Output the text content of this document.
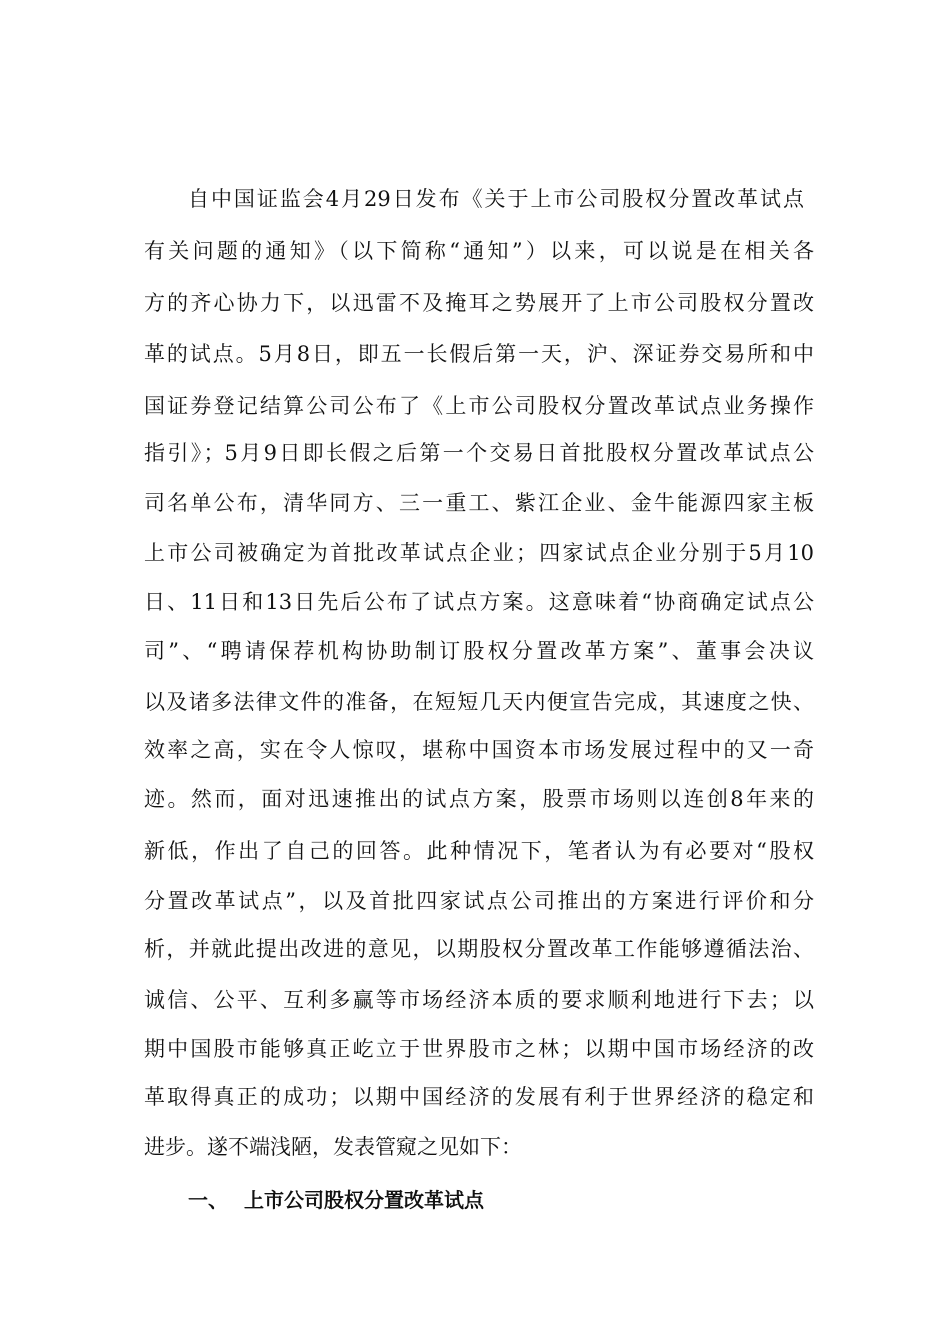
自中国证监会4月29日发布《关于上市公司股权分置改革试点

有关问题的通知》（以下简称“通知”）以来，可以说是在相关各

方的齐心协力下，以迅雷不及掩耳之势展开了上市公司股权分置改

革的试点。5月8日，即五一长假后第一天，沪、深证券交易所和中

国证券登记结算公司公布了《上市公司股权分置改革试点业务操作

指引》；5月9日即长假之后第一个交易日首批股权分置改革试点公

司名单公布，清华同方、三一重工、紫江企业、金牛能源四家主板

上市公司被确定为首批改革试点企业；四家试点企业分别于5月10

日、11日和13日先后公布了试点方案。这意味着“协商确定试点公

司”、“聘请保荐机构协助制订股权分置改革方案”、董事会决议

以及诸多法律文件的准备，在短短几天内便宣告完成，其速度之快、

效率之高，实在令人惊叹，堪称中国资本市场发展过程中的又一奇

迹。然而，面对迅速推出的试点方案，股票市场则以连创8年来的

新低，作出了自己的回答。此种情况下，笔者认为有必要对“股权

分置改革试点”，以及首批四家试点公司推出的方案进行评价和分

析，并就此提出改进的意见，以期股权分置改革工作能够遵循法治、

诚信、公平、互利多赢等市场经济本质的要求顺利地进行下去；以

期中国股市能够真正屹立于世界股市之林；以期中国市场经济的改

革取得真正的成功；以期中国经济的发展有利于世界经济的稳定和

进步。遂不端浅陋，发表管窥之见如下：

一、 上市公司股权分置改革试点
